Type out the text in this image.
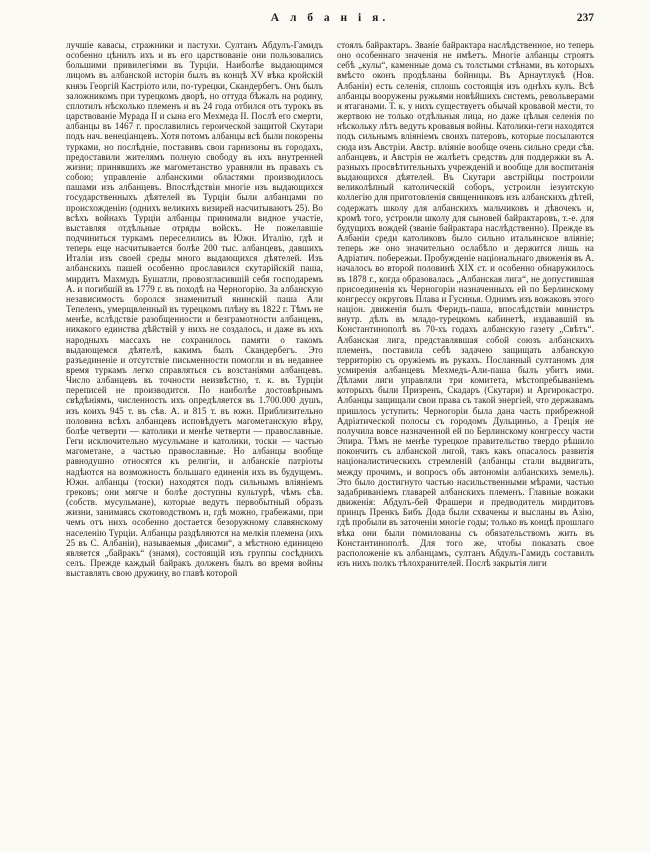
А л б а н і я.	237
лучшіе кавасы, стражники и пастухи. Султанъ Абдулъ-Гамидъ особенно цѣнилъ ихъ и въ его царствованіе они пользовались большими привилегіями въ Турціи. Наиболѣе выдающимся лицомъ въ албанской исторіи былъ въ концѣ XV вѣка кройскій князь Георгій Кастріото или, по-турецки, Скандербегъ. Онъ былъ заложникомъ при турецкомъ дворѣ, но оттуда бѣжалъ на родину, сплотилъ нѣсколько племенъ и въ 24 года отбился отъ турокъ въ царствованіе Мурада II и сына его Мехмеда II. Послѣ его смерти, албанцы въ 1467 г. прославились героической защитой Скутари подъ нач. венеціанцевъ. Хотя потомъ албанцы всѣ были покорены турками, но послѣдніе, поставивъ свои гарнизоны въ городахъ, предоставили жителямъ полную свободу въ ихъ внутренней жизни; принявшихъ же магометанство уравняли въ правахъ съ собою; управленіе албанскими областями производилось пашами изъ албанцевъ. Впослѣдствіи многіе изъ выдающихся государственныхъ дѣятелей въ Турціи были албанцами по происхожденію (однихъ великихъ визирей насчитываютъ 25). Во всѣхъ войнахъ Турціи албанцы принимали видное участіе, выставляя отдѣльные отряды войскъ. Не пожелавшіе подчиниться туркамъ переселились въ Южн. Италію, гдѣ и теперь еще насчитывается болѣе 200 тыс. албанцевъ, давшихъ Италіи изъ своей среды много выдающихся дѣятелей. Изъ албанскихъ пашей особенно прославился скутарійскій паша, мирдитъ Махмудъ Бушатли, провозгласившій себя господаремъ А. и погибшій въ 1779 г. въ походѣ на Черногорію. За албанскую независимость боролся знаменитый янинскій паша Али Тепеленъ, умерщвленный въ турецкомъ плѣну въ 1822 г. Тѣмъ не менѣе, вслѣдствіе разобщенности и безграмотности албанцевъ, никакого единства дѣйствій у нихъ не создалось, и даже въ ихъ народныхъ массахъ не сохранилось памяти о такомъ выдающемся дѣятелѣ, какимъ былъ Скандербегъ. Это разъединеніе и отсутствіе письменности помогли и въ недавнее время туркамъ легко справляться съ возстаніями албанцевъ. Число албанцевъ въ точности неизвѣстно, т. к. въ Турціи переписей не производится. По наиболѣе достовѣрнымъ свѣдѣніямъ, численность ихъ опредѣляется въ 1.700.000 душъ, изъ коихъ 945 т. въ сѣв. А. и 815 т. въ южн. Приблизительно половина всѣхъ албанцевъ исповѣдуетъ магометанскую вѣру, болѣе четверти — католики и менѣе четверти — православные. Геги исключительно мусульмане и католики, тоски — частью магометане, а частью православные. Но албанцы вообще равнодушно относятся къ религіи, и албанскіе патріоты надѣются на возможность большаго единенія ихъ въ будущемъ. Южн. албанцы (тоски) находятся подъ сильнымъ вліяніемъ грековъ; они мягче и болѣе доступны культурѣ, чѣмъ сѣв. (собств. мусульмане), которые ведутъ первобытный образъ жизни, занимаясь скотоводствомъ и, гдѣ можно, грабежами, при чемъ отъ нихъ особенно достается безоружному славянскому населенію Турціи. Албанцы раздѣляются на мелкія племена (ихъ 25 въ С. Албаніи), называемыя „фисами“, а мѣстною единицею является „байракъ“ (знамя), состоящій изъ группы сосѣднихъ селъ. Прежде каждый байракъ долженъ былъ во время войны выставлять свою дружину, во главѣ которой
стоялъ байрактаръ. Званіе байрактара наслѣдственное, но теперь оно особеннаго значенія не имѣетъ. Многіе албанцы строятъ себѣ „кулы“, каменные дома съ толстыми стѣнами, въ которыхъ вмѣсто оконъ продѣланы бойницы. Въ Арнаутлукѣ (Нов. Албаніи) есть селенія, сплошь состоящія изъ однѣхъ кулъ. Всѣ албанцы вооружены ружьями новѣйшихъ системъ, револьверами и ятаганами. Т. к. у нихъ существуетъ обычай кровавой мести, то жертвою не только отдѣльныя лица, но даже цѣлыя селенія по нѣскольку лѣтъ ведутъ кровавыя войны. Католики-геги находятся подъ сильнымъ вліяніемъ своихъ патеровъ, которые посылаются сюда изъ Австріи. Австр. вліяніе вообще очень сильно среди сѣв. албанцевъ, и Австрія не жалѣетъ средствъ для поддержки въ А. разныхъ просвѣтительныхъ учрежденій и вообще для воспитанія выдающихся дѣятелей. Въ Скутари австрійцы построили великолѣпный католическій соборъ, устроили іезуитскую коллегію для приготовленія священниковъ изъ албанскихъ дѣтей, содержатъ школу для албанскихъ мальчиковъ и дѣвочекъ и, кромѣ того, устроили школу для сыновей байрактаровъ, т.-е. для будущихъ вождей (званіе байрактара наслѣдственно). Прежде въ Албаніи среди католиковъ было сильно итальянское вліяніе; теперь же оно значительно ослабѣло и держится лишь на Адріатич. побережьи. Пробужденіе національнаго движенія въ А. началось во второй половинѣ XIX ст. и особенно обнаружилось въ 1878 г., когда образовалась „Албанская лига“, не допустившая присоединенія къ Черногоріи назначенныхъ ей по Берлинскому конгрессу округовъ Плава и Гусинья. Однимъ изъ вожаковъ этого націон. движенія былъ Феридъ-паша, впослѣдствіи министръ внутр. дѣлъ въ младо-турецкомъ кабинетѣ, издававшій въ Константинополѣ въ 70-хъ годахъ албанскую газету „Свѣтъ“. Албанская лига, представлявшая собой союзъ албанскихъ племенъ, поставила себѣ задачею защищать албанскую территорію съ оружіемъ въ рукахъ. Посланный султаномъ для усмиренія албанцевъ Мехмедъ-Али-паша былъ убитъ ими. Дѣлами лиги управляли три комитета, мѣстопребываніемъ которыхъ были Призренъ, Скадаръ (Скутари) и Аргирокастро. Албанцы защищали свои права съ такой энергіей, что державамъ пришлось уступить: Черногоріи была дана часть прибрежной Адріатической полосы съ городомъ Дульциньо, а Греція не получила вовсе назначенной ей по Берлинскому конгрессу части Эпира. Тѣмъ не менѣе турецкое правительство твердо рѣшило покончить съ албанской лигой, такъ какъ опасалось развитія націоналистическихъ стремленій (албанцы стали выдвигать, между прочимъ, и вопросъ объ автономіи албанскихъ земель). Это было достигнуто частью насильственными мѣрами, частью задабриваніемъ главарей албанскихъ племенъ. Главные вожаки движенія: Абдулъ-бей Фрашери и предводитель мирдитовъ принцъ Пренкъ Бибъ Дода были схвачены и высланы въ Азію, гдѣ пробыли въ заточеніи многіе годы; только въ концѣ прошлаго вѣка они были помилованы съ обязательствомъ жить въ Константинополѣ. Для того же, чтобы показать свое расположеніе къ албанцамъ, султанъ Абдулъ-Гамидъ составилъ изъ нихъ полкъ тѣлохранителей. Послѣ закрытія лиги
